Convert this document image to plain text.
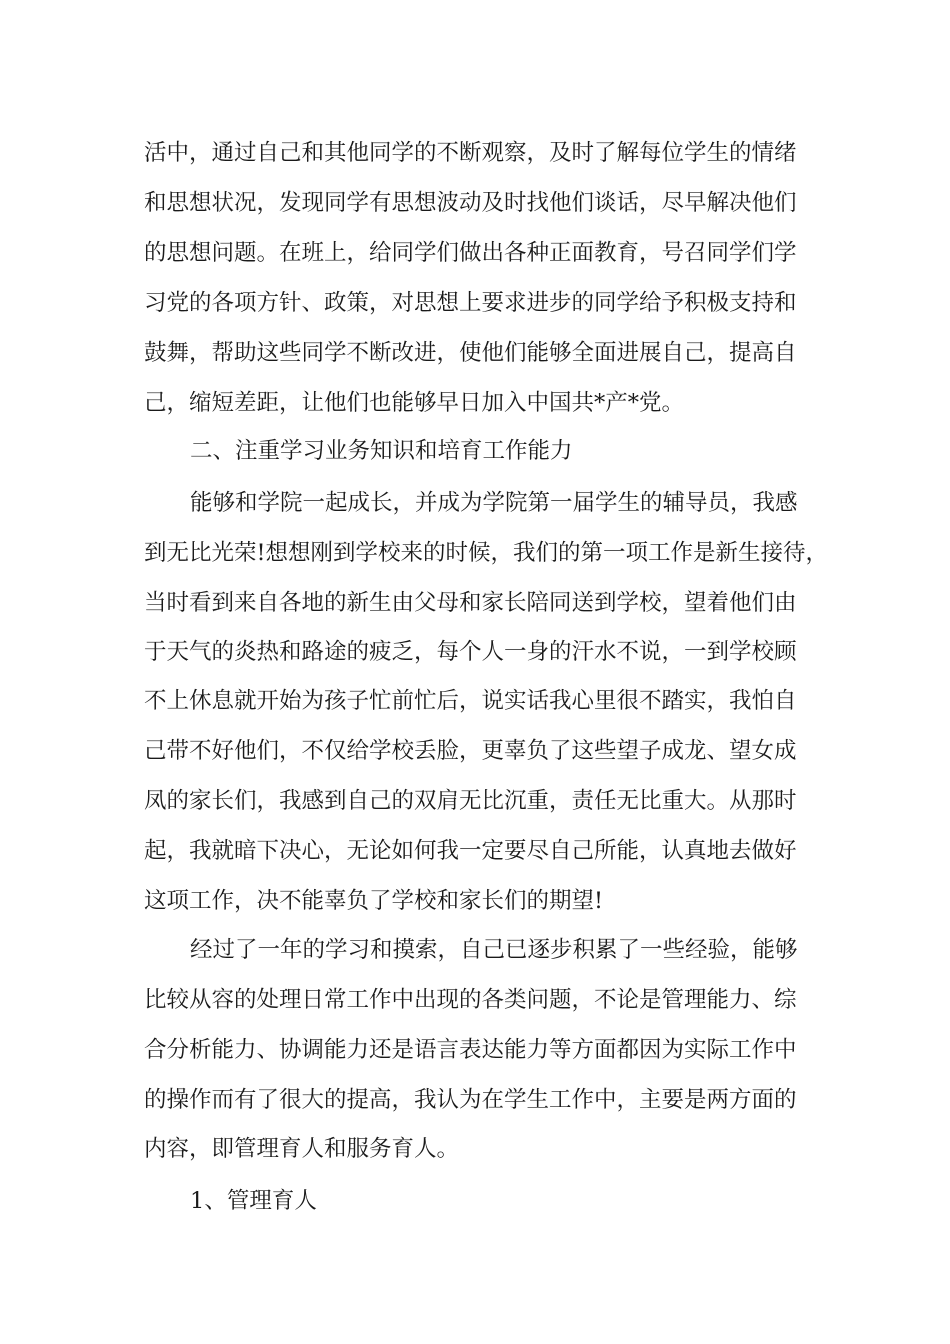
活中，通过自己和其他同学的不断观察，及时了解每位学生的情绪
和思想状况，发现同学有思想波动及时找他们谈话，尽早解决他们
的思想问题。在班上，给同学们做出各种正面教育，号召同学们学
习党的各项方针、政策，对思想上要求进步的同学给予积极支持和
鼓舞，帮助这些同学不断改进，使他们能够全面进展自己，提高自
己，缩短差距，让他们也能够早日加入中国共*产*党。
二、注重学习业务知识和培育工作能力
能够和学院一起成长，并成为学院第一届学生的辅导员，我感
到无比光荣!想想刚到学校来的时候，我们的第一项工作是新生接待，
当时看到来自各地的新生由父母和家长陪同送到学校，望着他们由
于天气的炎热和路途的疲乏，每个人一身的汗水不说，一到学校顾
不上休息就开始为孩子忙前忙后，说实话我心里很不踏实，我怕自
己带不好他们，不仅给学校丢脸，更辜负了这些望子成龙、望女成
凤的家长们，我感到自己的双肩无比沉重，责任无比重大。从那时
起，我就暗下决心，无论如何我一定要尽自己所能，认真地去做好
这项工作，决不能辜负了学校和家长们的期望!
经过了一年的学习和摸索，自己已逐步积累了一些经验，能够
比较从容的处理日常工作中出现的各类问题，不论是管理能力、综
合分析能力、协调能力还是语言表达能力等方面都因为实际工作中
的操作而有了很大的提高，我认为在学生工作中，主要是两方面的
内容，即管理育人和服务育人。
1、管理育人
